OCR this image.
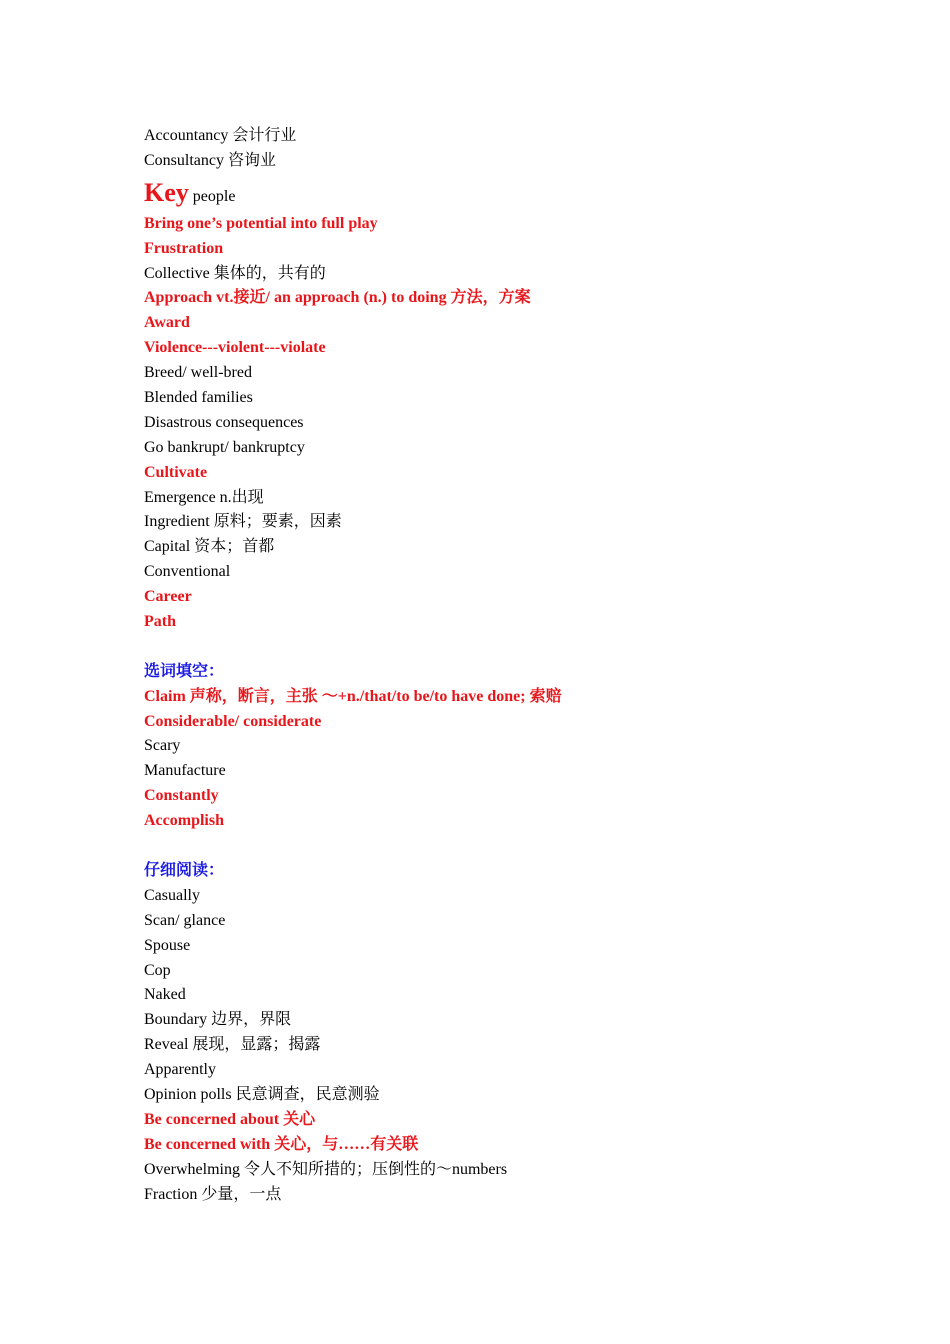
Accountancy 会计行业
Consultancy 咨询业
Key people
Bring one’s potential into full play
Frustration
Collective 集体的，共有的
Approach vt.接近/ an approach (n.) to doing 方法，方案
Award
Violence---violent---violate
Breed/ well-bred
Blended families
Disastrous consequences
Go bankrupt/ bankruptcy
Cultivate
Emergence n.出现
Ingredient 原料；要素，因素
Capital 资本；首都
Conventional
Career
Path
选词填空：
Claim 声称，断言，主张 ～+n./that/to be/to have done; 索赔
Considerable/ considerate
Scary
Manufacture
Constantly
Accomplish
仔细阅读：
Casually
Scan/ glance
Spouse
Cop
Naked
Boundary 边界，界限
Reveal 展现，显露；揭露
Apparently
Opinion polls 民意调查，民意测验
Be concerned about 关心
Be concerned with 关心，与……有关联
Overwhelming 令人不知所措的；压倒性的～numbers
Fraction 少量，一点
